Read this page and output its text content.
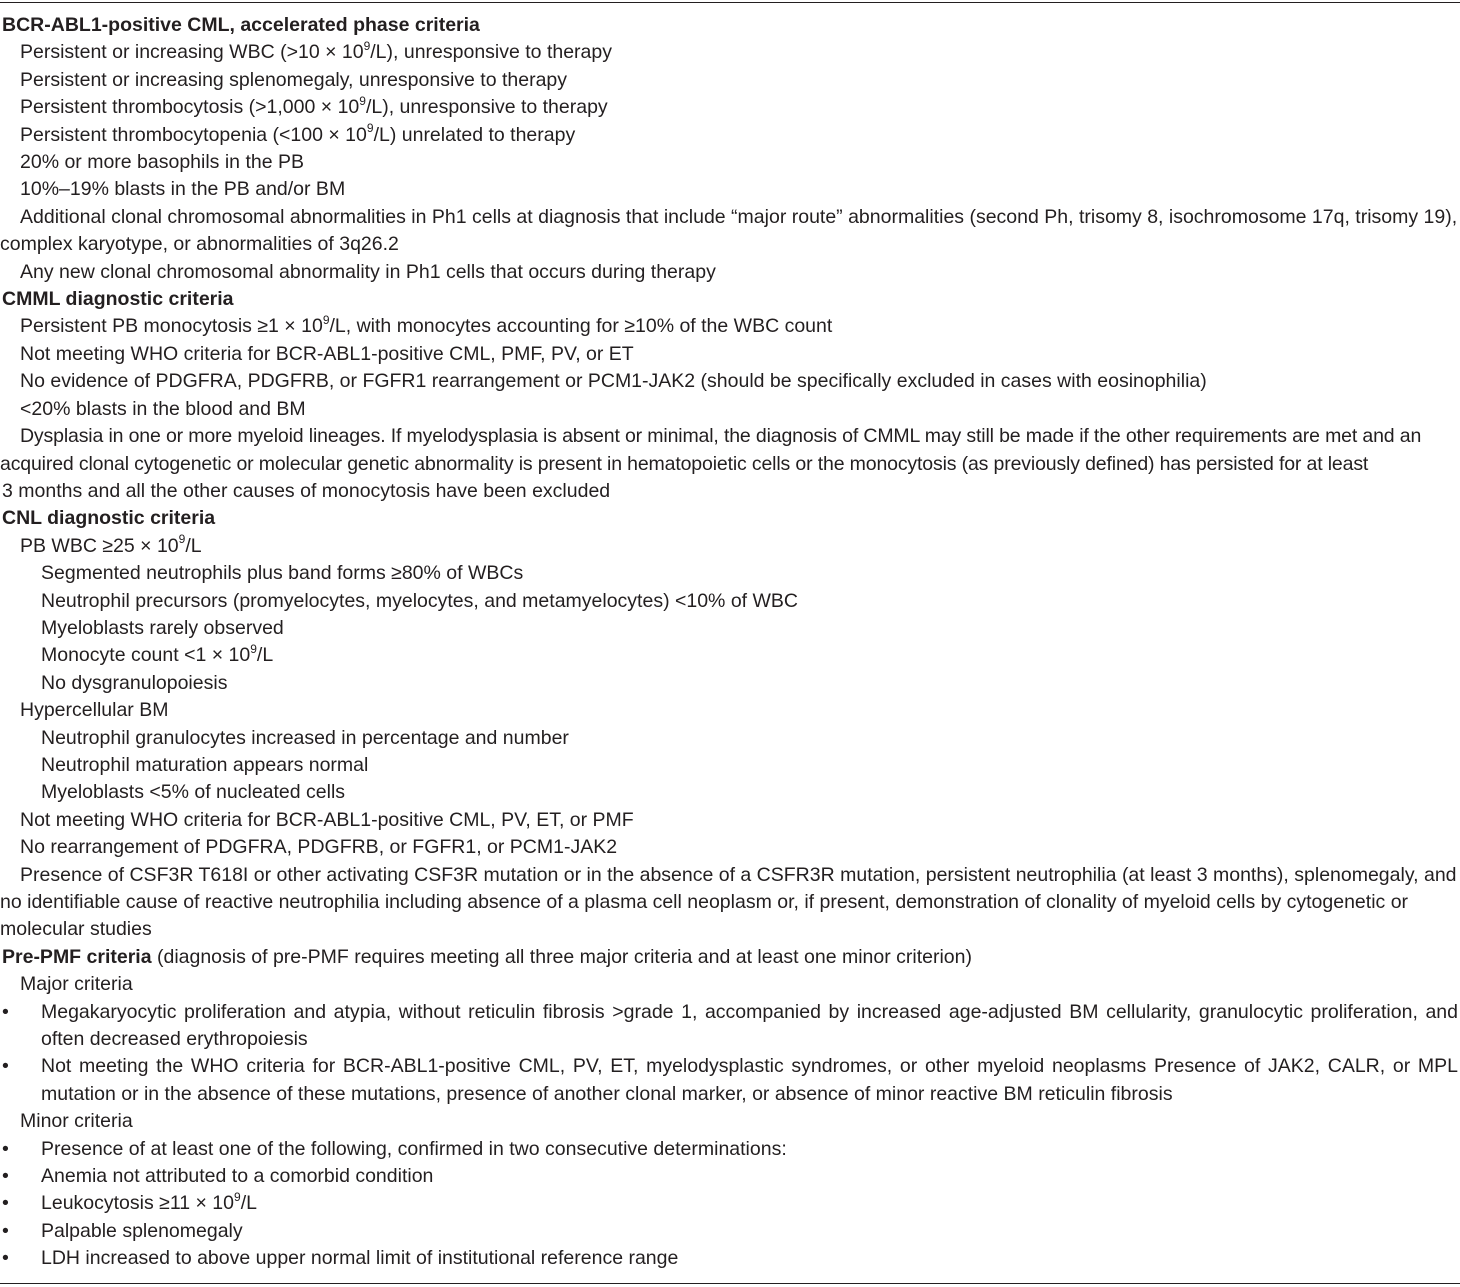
BCR-ABL1-positive CML, accelerated phase criteria
Persistent or increasing WBC $(>10 \times 10^9/L)$, unresponsive to therapy
Persistent or increasing splenomegaly, unresponsive to therapy
Persistent thrombocytosis $(>1,000 \times 10^9/L)$, unresponsive to therapy
Persistent thrombocytopenia $(<100 \times 10^9/L)$ unrelated to therapy
20% or more basophils in the PB
10%–19% blasts in the PB and/or BM
Additional clonal chromosomal abnormalities in Ph1 cells at diagnosis that include “major route” abnormalities (second Ph, trisomy 8, isochromosome 17q, trisomy 19), complex karyotype, or abnormalities of 3q26.2
Any new clonal chromosomal abnormality in Ph1 cells that occurs during therapy
CMML diagnostic criteria
Persistent PB monocytosis $\ge 1 \times 10^9/L$, with monocytes accounting for ≥10% of the WBC count
Not meeting WHO criteria for BCR-ABL1-positive CML, PMF, PV, or ET
No evidence of PDGFRA, PDGFRB, or FGFR1 rearrangement or PCM1-JAK2 (should be specifically excluded in cases with eosinophilia)
<20% blasts in the blood and BM
Dysplasia in one or more myeloid lineages. If myelodysplasia is absent or minimal, the diagnosis of CMML may still be made if the other requirements are met and an acquired clonal cytogenetic or molecular genetic abnormality is present in hematopoietic cells or the monocytosis (as previously defined) has persisted for at least
3 months and all the other causes of monocytosis have been excluded
CNL diagnostic criteria
PB WBC $\ge 25 \times 10^9/L$
Segmented neutrophils plus band forms ≥80% of WBCs
Neutrophil precursors (promyelocytes, myelocytes, and metamyelocytes) <10% of WBC
Myeloblasts rarely observed
Monocyte count $<1 \times 10^9/L$
No dysgranulopoiesis
Hypercellular BM
Neutrophil granulocytes increased in percentage and number
Neutrophil maturation appears normal
Myeloblasts <5% of nucleated cells
Not meeting WHO criteria for BCR-ABL1-positive CML, PV, ET, or PMF
No rearrangement of PDGFRA, PDGFRB, or FGFR1, or PCM1-JAK2
Presence of CSF3R T618I or other activating CSF3R mutation or in the absence of a CSFR3R mutation, persistent neutrophilia (at least 3 months), splenomegaly, and no identifiable cause of reactive neutrophilia including absence of a plasma cell neoplasm or, if present, demonstration of clonality of myeloid cells by cytogenetic or molecular studies
Pre-PMF criteria (diagnosis of pre-PMF requires meeting all three major criteria and at least one minor criterion)
Major criteria
• Megakaryocytic proliferation and atypia, without reticulin fibrosis >grade 1, accompanied by increased age-adjusted BM cellularity, granulocytic proliferation, and often decreased erythropoiesis
• Not meeting the WHO criteria for BCR-ABL1-positive CML, PV, ET, myelodysplastic syndromes, or other myeloid neoplasms Presence of JAK2, CALR, or MPL mutation or in the absence of these mutations, presence of another clonal marker, or absence of minor reactive BM reticulin fibrosis
Minor criteria
• Presence of at least one of the following, confirmed in two consecutive determinations:
• Anemia not attributed to a comorbid condition
• Leukocytosis $\ge 11 \times 10^9/L$
• Palpable splenomegaly
• LDH increased to above upper normal limit of institutional reference range
